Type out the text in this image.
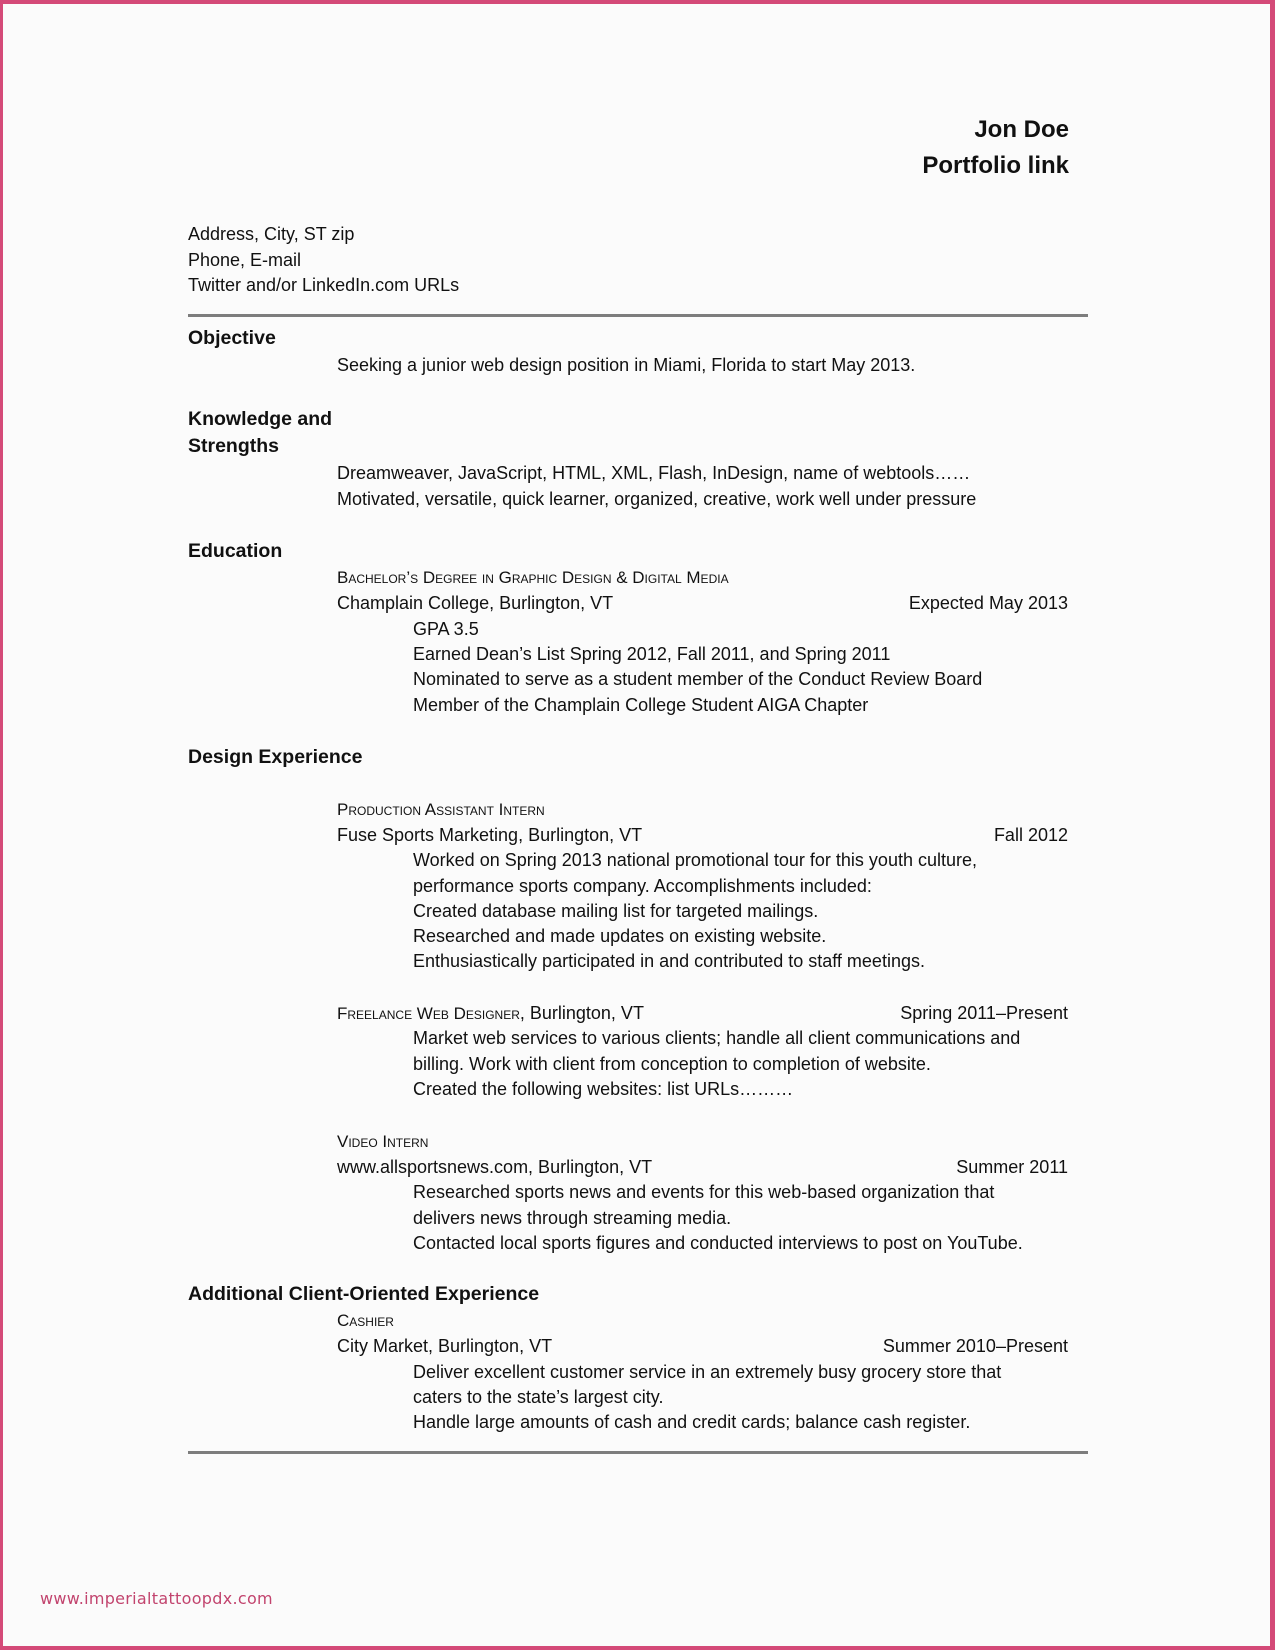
Jon Doe
Portfolio link
Address, City, ST zip
Phone, E-mail
Twitter and/or LinkedIn.com URLs
Objective
Seeking a junior web design position in Miami, Florida to start May 2013.
Knowledge and
Strengths
Dreamweaver, JavaScript, HTML, XML, Flash, InDesign, name of webtools……
Motivated, versatile, quick learner, organized, creative, work well under pressure
Education
Bachelor’s Degree in Graphic Design & Digital Media
Champlain College, Burlington, VT	Expected May 2013
GPA 3.5
Earned Dean’s List Spring 2012, Fall 2011, and Spring 2011
Nominated to serve as a student member of the Conduct Review Board
Member of the Champlain College Student AIGA Chapter
Design Experience
Production Assistant Intern
Fuse Sports Marketing, Burlington, VT	Fall 2012
Worked on Spring 2013 national promotional tour for this youth culture,
performance sports company. Accomplishments included:
Created database mailing list for targeted mailings.
Researched and made updates on existing website.
Enthusiastically participated in and contributed to staff meetings.
Freelance Web Designer, Burlington, VT	Spring 2011–Present
Market web services to various clients; handle all client communications and
billing. Work with client from conception to completion of website.
Created the following websites: list URLs………
Video Intern
www.allsportsnews.com, Burlington, VT	Summer 2011
Researched sports news and events for this web-based organization that
delivers news through streaming media.
Contacted local sports figures and conducted interviews to post on YouTube.
Additional Client-Oriented Experience
Cashier
City Market, Burlington, VT	Summer 2010–Present
Deliver excellent customer service in an extremely busy grocery store that
caters to the state’s largest city.
Handle large amounts of cash and credit cards; balance cash register.
www.imperialtattoopdx.com
